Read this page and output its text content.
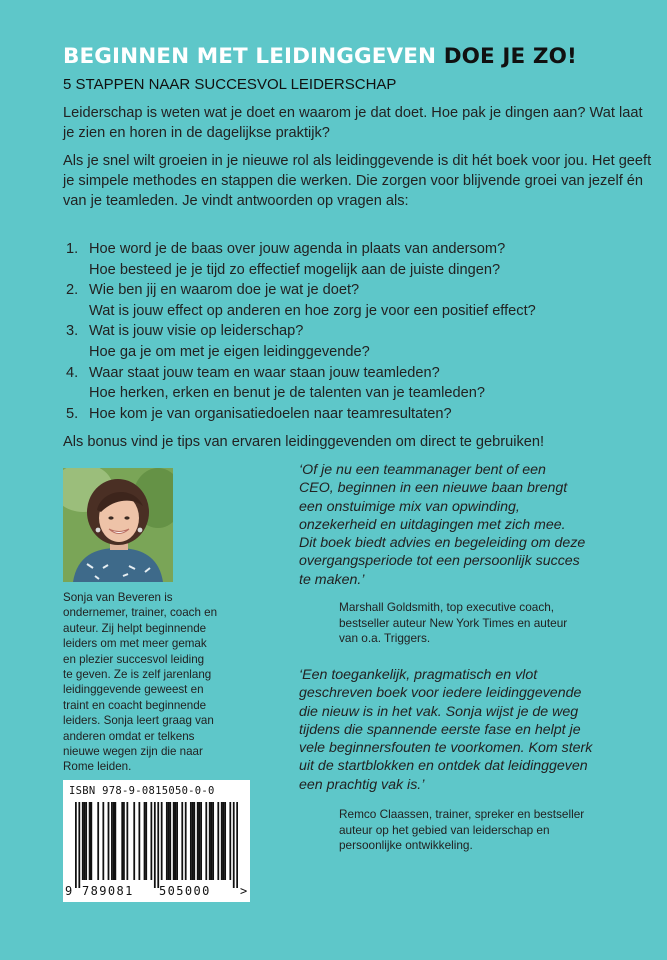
BEGINNEN MET LEIDINGGEVEN DOE JE ZO!
5 STAPPEN NAAR SUCCESVOL LEIDERSCHAP
Leiderschap is weten wat je doet en waarom je dat doet. Hoe pak je dingen aan? Wat laat je zien en horen in de dagelijkse praktijk?
Als je snel wilt groeien in je nieuwe rol als leidinggevende is dit hét boek voor jou. Het geeft je simpele methodes en stappen die werken. Die zorgen voor blijvende groei van jezelf én van je teamleden. Je vindt antwoorden op vragen als:
1. Hoe word je de baas over jouw agenda in plaats van andersom?
Hoe besteed je je tijd zo effectief mogelijk aan de juiste dingen?
2. Wie ben jij en waarom doe je wat je doet?
Wat is jouw effect op anderen en hoe zorg je voor een positief effect?
3. Wat is jouw visie op leiderschap?
Hoe ga je om met je eigen leidinggevende?
4. Waar staat jouw team en waar staan jouw teamleden?
Hoe herken, erken en benut je de talenten van je teamleden?
5. Hoe kom je van organisatiedoelen naar teamresultaten?
Als bonus vind je tips van ervaren leidinggevenden om direct te gebruiken!
Sonja van Beveren is
ondernemer, trainer, coach en
auteur. Zij helpt beginnende
leiders om met meer gemak
en plezier succesvol leiding
te geven. Ze is zelf jarenlang
leidinggevende geweest en
traint en coacht beginnende
leiders. Sonja leert graag van
anderen omdat er telkens
nieuwe wegen zijn die naar
Rome leiden.
‘Of je nu een teammanager bent of een
CEO, beginnen in een nieuwe baan brengt
een onstuimige mix van opwinding,
onzekerheid en uitdagingen met zich mee.
Dit boek biedt advies en begeleiding om deze
overgangsperiode tot een persoonlijk succes
te maken.’
Marshall Goldsmith, top executive coach,
bestseller auteur New York Times en auteur
van o.a. Triggers.
‘Een toegankelijk, pragmatisch en vlot
geschreven boek voor iedere leidinggevende
die nieuw is in het vak. Sonja wijst je de weg
tijdens die spannende eerste fase en helpt je
vele beginnersfouten te voorkomen. Kom sterk
uit de startblokken en ontdek dat leidinggeven
een prachtig vak is.’
Remco Claassen, trainer, spreker en bestseller
auteur op het gebied van leiderschap en
persoonlijke ontwikkeling.
ISBN 978-9-0815050-0-0
9 789081 505000 >
